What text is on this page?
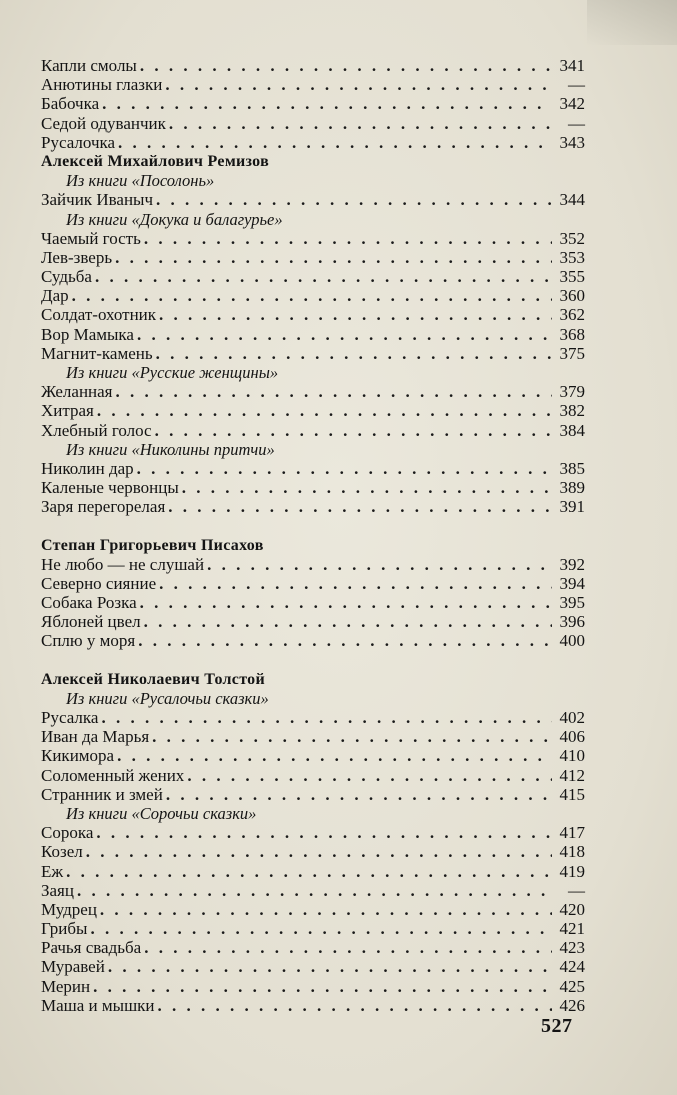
Капли смолы . . .	341
Анютины глазки . . .	—
Бабочка . . .	342
Седой одуванчик . . .	—
Русалочка . . .	343
Алексей Михайлович Ремизов
Из книги «Посолонь»
Зайчик Иваныч . . .	344
Из книги «Докука и балагурье»
Чаемый гость . . .	352
Лев-зверь . . .	353
Судьба . . .	355
Дар . . .	360
Солдат-охотник . . .	362
Вор Мамыка . . .	368
Магнит-камень . . .	375
Из книги «Русские женщины»
Желанная . . .	379
Хитрая . . .	382
Хлебный голос . . .	384
Из книги «Николины притчи»
Николин дар . . .	385
Каленые червонцы . . .	389
Заря перегорелая . . .	391
Степан Григорьевич Писахов
Не любо — не слушай . . .	392
Северно сияние . . .	394
Собака Розка . . .	395
Яблоней цвел . . .	396
Сплю у моря . . .	400
Алексей Николаевич Толстой
Из книги «Русалочьи сказки»
Русалка . . .	402
Иван да Марья . . .	406
Кикимора . . .	410
Соломенный жених . . .	412
Странник и змей . . .	415
Из книги «Сорочьи сказки»
Сорока . . .	417
Козел . . .	418
Еж . . .	419
Заяц . . .	—
Мудрец . . .	420
Грибы . . .	421
Рачья свадьба . . .	423
Муравей . . .	424
Мерин . . .	425
Маша и мышки . . .	426
527
